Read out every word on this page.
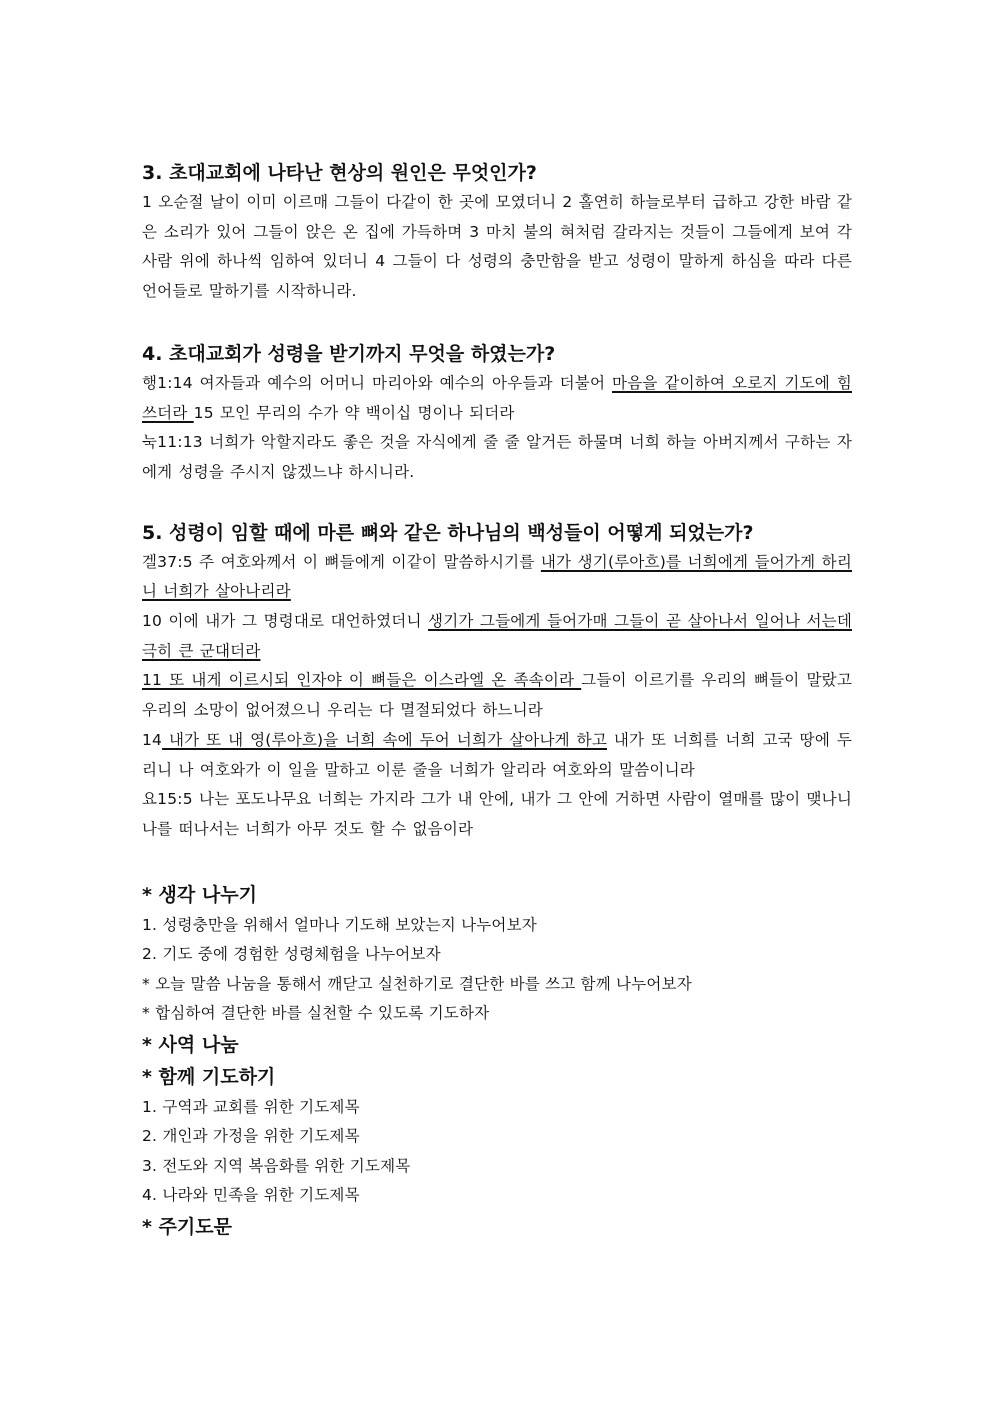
3. 초대교회에 나타난 현상의 원인은 무엇인가?

1 오순절 날이 이미 이르매 그들이 다같이 한 곳에 모였더니 2 홀연히 하늘로부터 급하고 강한 바람 같은 소리가 있어 그들이 앉은 온 집에 가득하며 3 마치 불의 혀처럼 갈라지는 것들이 그들에게 보여 각 사람 위에 하나씩 임하여 있더니 4 그들이 다 성령의 충만함을 받고 성령이 말하게 하심을 따라 다른 언어들로 말하기를 시작하니라.

4. 초대교회가 성령을 받기까지 무엇을 하였는가?

행1:14 여자들과 예수의 어머니 마리아와 예수의 아우들과 더불어 마음을 같이하여 오로지 기도에 힘쓰더라 15 모인 무리의 수가 약 백이십 명이나 되더라

눅11:13 너희가 악할지라도 좋은 것을 자식에게 줄 줄 알거든 하물며 너희 하늘 아버지께서 구하는 자에게 성령을 주시지 않겠느냐 하시니라.

5. 성령이 임할 때에 마른 뼈와 같은 하나님의 백성들이 어떻게 되었는가?

겔37:5 주 여호와께서 이 뼈들에게 이같이 말씀하시기를 내가 생기(루아흐)를 너희에게 들어가게 하리니 너희가 살아나리라

10 이에 내가 그 명령대로 대언하였더니 생기가 그들에게 들어가매 그들이 곧 살아나서 일어나 서는데 극히 큰 군대더라

11 또 내게 이르시되 인자야 이 뼈들은 이스라엘 온 족속이라 그들이 이르기를 우리의 뼈들이 말랐고 우리의 소망이 없어졌으니 우리는 다 멸절되었다 하느니라

14 내가 또 내 영(루아흐)을 너희 속에 두어 너희가 살아나게 하고 내가 또 너희를 너희 고국 땅에 두리니 나 여호와가 이 일을 말하고 이룬 줄을 너희가 알리라 여호와의 말씀이니라

요15:5 나는 포도나무요 너희는 가지라 그가 내 안에, 내가 그 안에 거하면 사람이 열매를 많이 맺나니 나를 떠나서는 너희가 아무 것도 할 수 없음이라

* 생각 나누기

1. 성령충만을 위해서 얼마나 기도해 보았는지 나누어보자

2. 기도 중에 경험한 성령체험을 나누어보자

* 오늘 말씀 나눔을 통해서 깨닫고 실천하기로 결단한 바를 쓰고 함께 나누어보자

* 합심하여 결단한 바를 실천할 수 있도록 기도하자

* 사역 나눔

* 함께 기도하기

1. 구역과 교회를 위한 기도제목

2. 개인과 가정을 위한 기도제목

3. 전도와 지역 복음화를 위한 기도제목

4. 나라와 민족을 위한 기도제목

* 주기도문
